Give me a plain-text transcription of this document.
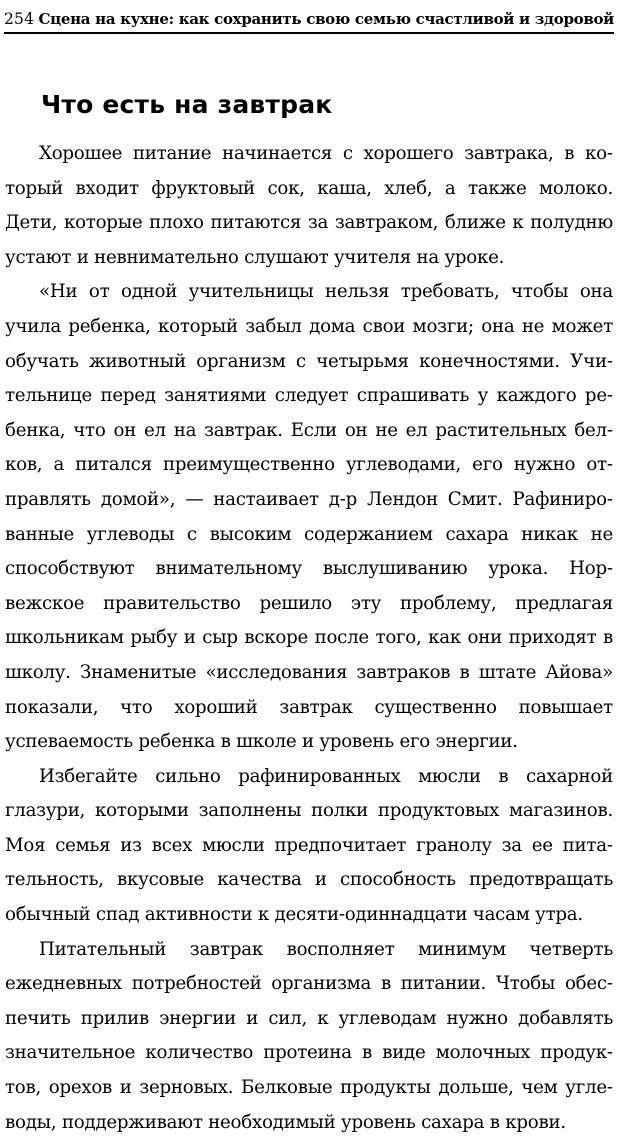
254 Сцена на кухне: как сохранить свою семью счастливой и здоровой
Что есть на завтрак

Хорошее питание начинается с хорошего завтрака, в который входит фруктовый сок, каша, хлеб, а также молоко. Дети, которые плохо питаются за завтраком, ближе к полудню устают и невнимательно слушают учителя на уроке.

«Ни от одной учительницы нельзя требовать, чтобы она учила ребенка, который забыл дома свои мозги; она не может обучать животный организм с четырьмя конечностями. Учительнице перед занятиями следует спрашивать у каждого ребенка, что он ел на завтрак. Если он не ел растительных белков, а питался преимущественно углеводами, его нужно отправлять домой», — настаивает д-р Лендон Смит. Рафинированные углеводы с высоким содержанием сахара никак не способствуют внимательному выслушиванию урока. Норвежское правительство решило эту проблему, предлагая школьникам рыбу и сыр вскоре после того, как они приходят в школу. Знаменитые «исследования завтраков в штате Айова» показали, что хороший завтрак существенно повышает успеваемость ребенка в школе и уровень его энергии.

Избегайте сильно рафинированных мюсли в сахарной глазури, которыми заполнены полки продуктовых магазинов. Моя семья из всех мюсли предпочитает гранолу за ее питательность, вкусовые качества и способность предотвращать обычный спад активности к десяти-одиннадцати часам утра.

Питательный завтрак восполняет минимум четверть ежедневных потребностей организма в питании. Чтобы обеспечить прилив энергии и сил, к углеводам нужно добавлять значительное количество протеина в виде молочных продуктов, орехов и зерновых. Белковые продукты дольше, чем углеводы, поддерживают необходимый уровень сахара в крови.
